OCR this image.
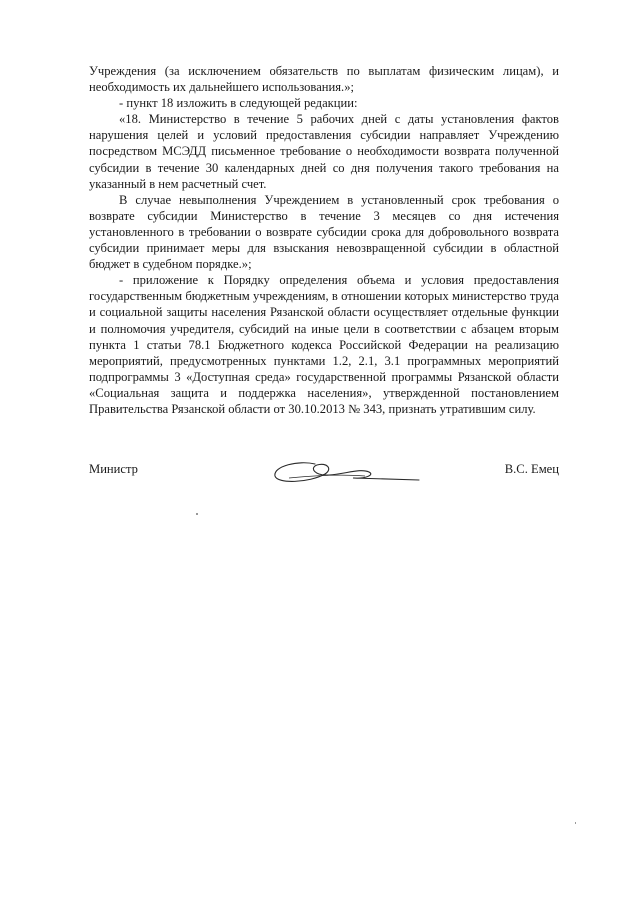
Учреждения (за исключением обязательств по выплатам физическим лицам), и необходимость их дальнейшего использования.»;

- пункт 18 изложить в следующей редакции:

«18. Министерство в течение 5 рабочих дней с даты установления фактов нарушения целей и условий предоставления субсидии направляет Учреждению посредством МСЭДД письменное требование о необходимости возврата полученной субсидии в течение 30 календарных дней со дня получения такого требования на указанный в нем расчетный счет.

В случае невыполнения Учреждением в установленный срок требования о возврате субсидии Министерство в течение 3 месяцев со дня истечения установленного в требовании о возврате субсидии срока для добровольного возврата субсидии принимает меры для взыскания невозвращенной субсидии в областной бюджет в судебном порядке.»;

- приложение к Порядку определения объема и условия предоставления государственным бюджетным учреждениям, в отношении которых министерство труда и социальной защиты населения Рязанской области осуществляет отдельные функции и полномочия учредителя, субсидий на иные цели в соответствии с абзацем вторым пункта 1 статьи 78.1 Бюджетного кодекса Российской Федерации на реализацию мероприятий, предусмотренных пунктами 1.2, 2.1, 3.1 программных мероприятий подпрограммы 3 «Доступная среда» государственной программы Рязанской области «Социальная защита и поддержка населения», утвержденной постановлением Правительства Рязанской области от 30.10.2013 № 343, признать утратившим силу.

Министр	В.С. Емец
